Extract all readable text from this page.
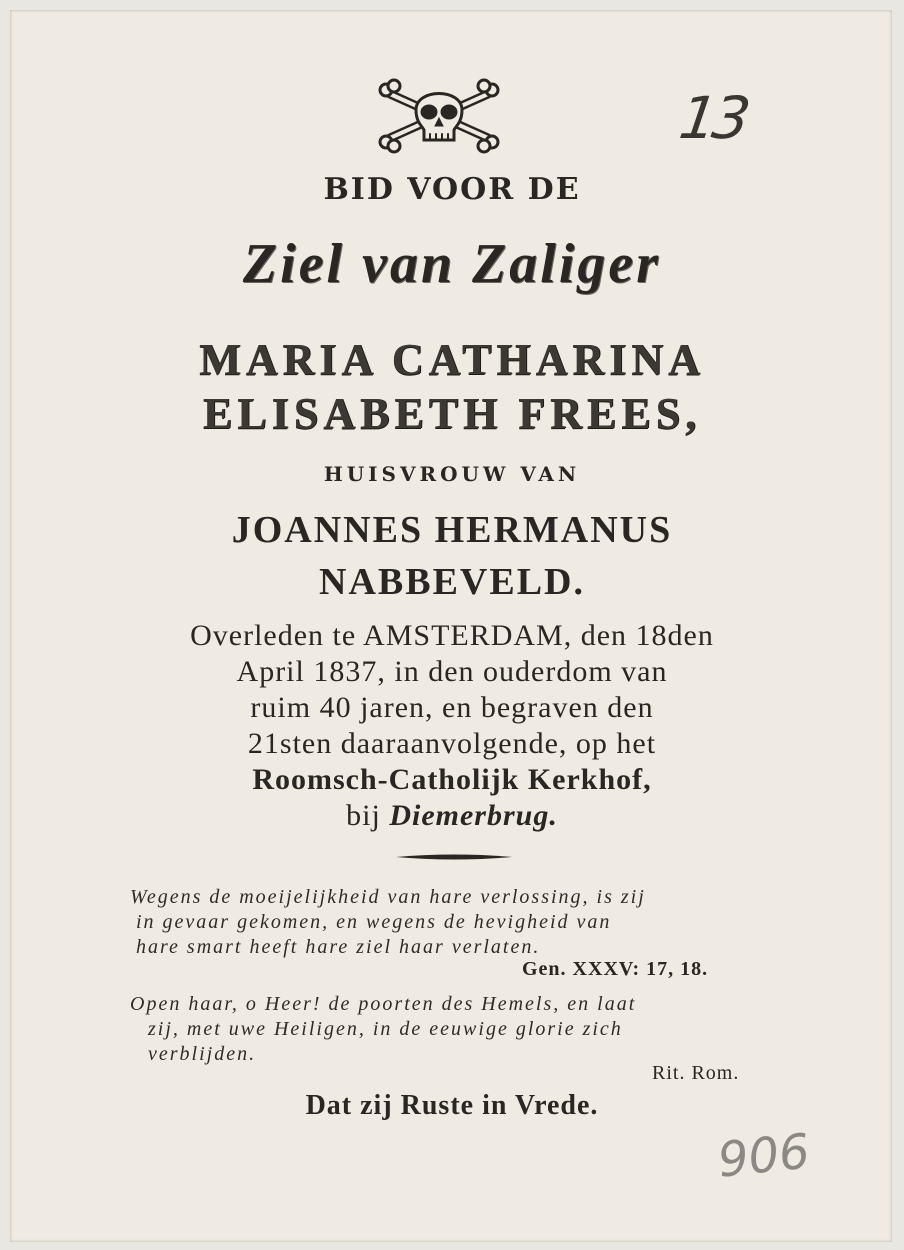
13
BID VOOR DE
Ziel van Zaliger
MARIA CATHARINA
ELISABETH FREES,
HUISVROUW VAN
JOANNES HERMANUS
NABBEVELD.
Overleden te AMSTERDAM, den 18den
April 1837, in den ouderdom van
ruim 40 jaren, en begraven den
21sten daaraanvolgende, op het
Roomsch-Catholijk Kerkhof,
bij Diemerbrug.
Wegens de moeijelijkheid van hare verlossing, is zij
in gevaar gekomen, en wegens de hevigheid van
hare smart heeft hare ziel haar verlaten.
Gen. XXXV: 17, 18.
Open haar, o Heer! de poorten des Hemels, en laat
zij, met uwe Heiligen, in de eeuwige glorie zich
verblijden.
Rit. Rom.
Dat zij Ruste in Vrede.
906
